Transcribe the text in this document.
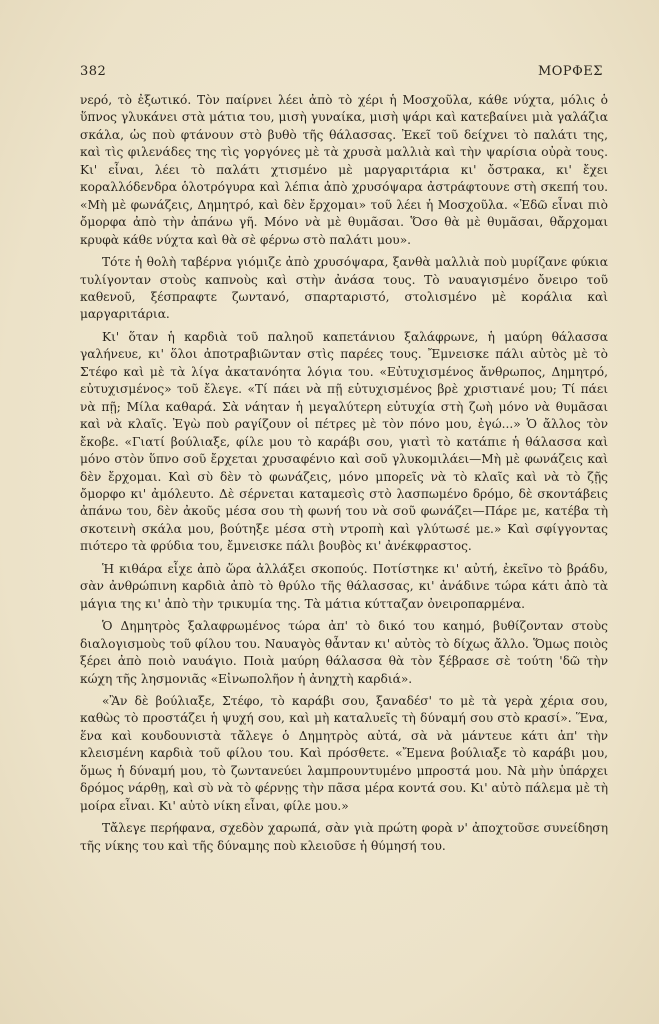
382	ΜΟΡΦΕΣ

νερό, τὸ ἐξωτικό. Τὸν παίρνει λέει ἀπὸ τὸ χέρι ἡ Μοσχοῦλα, κάθε νύχτα, μόλις ὁ ὕπνος γλυκάνει στὰ μάτια του, μισὴ γυναίκα, μισὴ ψάρι καὶ κατεβαίνει μιὰ γαλάζια σκάλα, ὡς ποὺ φτάνουν στὸ βυθὸ τῆς θάλασσας. Ἐκεῖ τοῦ δείχνει τὸ παλάτι της, καὶ τὶς φιλενάδες της τὶς γοργόνες μὲ τὰ χρυσὰ μαλλιὰ καὶ τὴν ψαρίσια οὐρὰ τους. Κι' εἶναι, λέει τὸ παλάτι χτισμένο μὲ μαργαριτάρια κι' ὄστρακα, κι' ἔχει κοραλλόδενδρα ὁλοτρόγυρα καὶ λέπια ἀπὸ χρυσόψαρα ἀστράφτουνε στὴ σκεπή του. «Μὴ μὲ φωνάζεις, Δημητρό, καὶ δὲν ἔρχομαι» τοῦ λέει ἡ Μοσχοῦλα. «Ἐδῶ εἶναι πιὸ ὄμορφα ἀπὸ τὴν ἀπάνω γῆ. Μόνο νὰ μὲ θυμᾶσαι. Ὅσο θὰ μὲ θυμᾶσαι, θἄρχομαι κρυφὰ κάθε νύχτα καὶ θὰ σὲ φέρνω στὸ παλάτι μου».

Τότε ἡ θολὴ ταβέρνα γιόμιζε ἀπὸ χρυσόψαρα, ξανθὰ μαλλιὰ ποὺ μυρίζανε φύκια τυλίγονταν στοὺς καπνοὺς καὶ στὴν ἀνάσα τους. Τὸ ναυαγισμένο ὄνειρο τοῦ καθενοῦ, ξέσπραφτε ζωντανό, σπαρταριστό, στολισμένο μὲ κοράλια καὶ μαργαριτάρια.

Κι' ὅταν ἡ καρδιὰ τοῦ παληοῦ καπετάνιου ξαλάφρωνε, ἡ μαύρη θάλασσα γαλήνευε, κι' ὅλοι ἀποτραβιῶνταν στὶς παρέες τους. Ἔμνεισκε πάλι αὐτὸς μὲ τὸ Στέφο καὶ μὲ τὰ λίγα ἀκατανόητα λόγια του. «Εὐτυχισμένος ἄνθρωπος, Δημητρό, εὐτυχισμένος» τοῦ ἔλεγε. «Τί πάει νὰ πῇ εὐτυχισμένος βρὲ χριστιανέ μου; Τί πάει νὰ πῇ; Μίλα καθαρά. Σὰ νάηταν ἡ μεγαλύτερη εὐτυχία στὴ ζωὴ μόνο νὰ θυμᾶσαι καὶ νὰ κλαῖς. Ἐγὼ ποὺ ραγίζουν οἱ πέτρες μὲ τὸν πόνο μου, ἐγώ...» Ὁ ἄλλος τὸν ἔκοβε. «Γιατί βούλιαξε, φίλε μου τὸ καράβι σου, γιατὶ τὸ κατάπιε ἡ θάλασσα καὶ μόνο στὸν ὕπνο σοῦ ἔρχεται χρυσαφένιο καὶ σοῦ γλυκομιλάει—Μὴ μὲ φωνάζεις καὶ δὲν ἔρχομαι. Καὶ σὺ δὲν τὸ φωνάζεις, μόνο μπορεῖς νὰ τὸ κλαῖς καὶ νὰ τὸ ζῇς ὄμορφο κι' ἀμόλευτο. Δὲ σέρνεται καταμεσὶς στὸ λασπωμένο δρόμο, δὲ σκοντάβεις ἀπάνω του, δὲν ἀκοῦς μέσα σου τὴ φωνή του νὰ σοῦ φωνάζει—Πάρε με, κατέβα τὴ σκοτεινὴ σκάλα μου, βούτηξε μέσα στὴ ντροπὴ καὶ γλύτωσέ με.» Καὶ σφίγγοντας πιότερο τὰ φρύδια του, ἔμνεισκε πάλι βουβὸς κι' ἀνέκφραστος.

Ἡ κιθάρα εἶχε ἀπὸ ὥρα ἀλλάξει σκοπούς. Ποτίστηκε κι' αὐτή, ἐκεῖνο τὸ βράδυ, σὰν ἀνθρώπινη καρδιὰ ἀπὸ τὸ θρύλο τῆς θάλασσας, κι' ἀνάδινε τώρα κάτι ἀπὸ τὰ μάγια της κι' ἀπὸ τὴν τρικυμία της. Τὰ μάτια κύτταζαν ὀνειροπαρμένα.

Ὁ Δημητρὸς ξαλαφρωμένος τώρα ἀπ' τὸ δικό του καημό, βυθίζονταν στοὺς διαλογισμοὺς τοῦ φίλου του. Ναυαγὸς θἆνταν κι' αὐτὸς τὸ δίχως ἄλλο. Ὅμως ποιὸς ξέρει ἀπὸ ποιὸ ναυάγιο. Ποιὰ μαύρη θάλασσα θὰ τὸν ξέβρασε σὲ τούτη 'δῶ τὴν κώχη τῆς λησμονιᾶς «Εἰνωπολῆον ἡ ἀνηχτὴ καρδιά».

«Ἂν δὲ βούλιαξε, Στέφο, τὸ καράβι σου, ξαναδέσ' το μὲ τὰ γερὰ χέρια σου, καθὼς τὸ προστάζει ἡ ψυχή σου, καὶ μὴ καταλυεῖς τὴ δύναμή σου στὸ κρασί». Ἕνα, ἕνα καὶ κουδουνιστὰ τἄλεγε ὁ Δημητρὸς αὐτά, σὰ νὰ μάντευε κάτι ἀπ' τὴν κλεισμένη καρδιὰ τοῦ φίλου του. Καὶ πρόσθετε. «Ἔμενα βούλιαξε τὸ καράβι μου, ὅμως ἡ δύναμή μου, τὸ ζωντανεύει λαμπρουντυμένο μπροστά μου. Νὰ μὴν ὑπάρχει δρόμος νάρθῃ, καὶ σὺ νὰ τὸ φέρνῃς τὴν πᾶσα μέρα κοντά σου. Κι' αὐτὸ πάλεμα μὲ τὴ μοίρα εἶναι. Κι' αὐτὸ νίκη εἶναι, φίλε μου.»

Τἄλεγε περήφανα, σχεδὸν χαρωπά, σὰν γιὰ πρώτη φορὰ ν' ἀποχτοῦσε συνείδηση τῆς νίκης του καὶ τῆς δύναμης ποὺ κλειοῦσε ἡ θύμησή του.
